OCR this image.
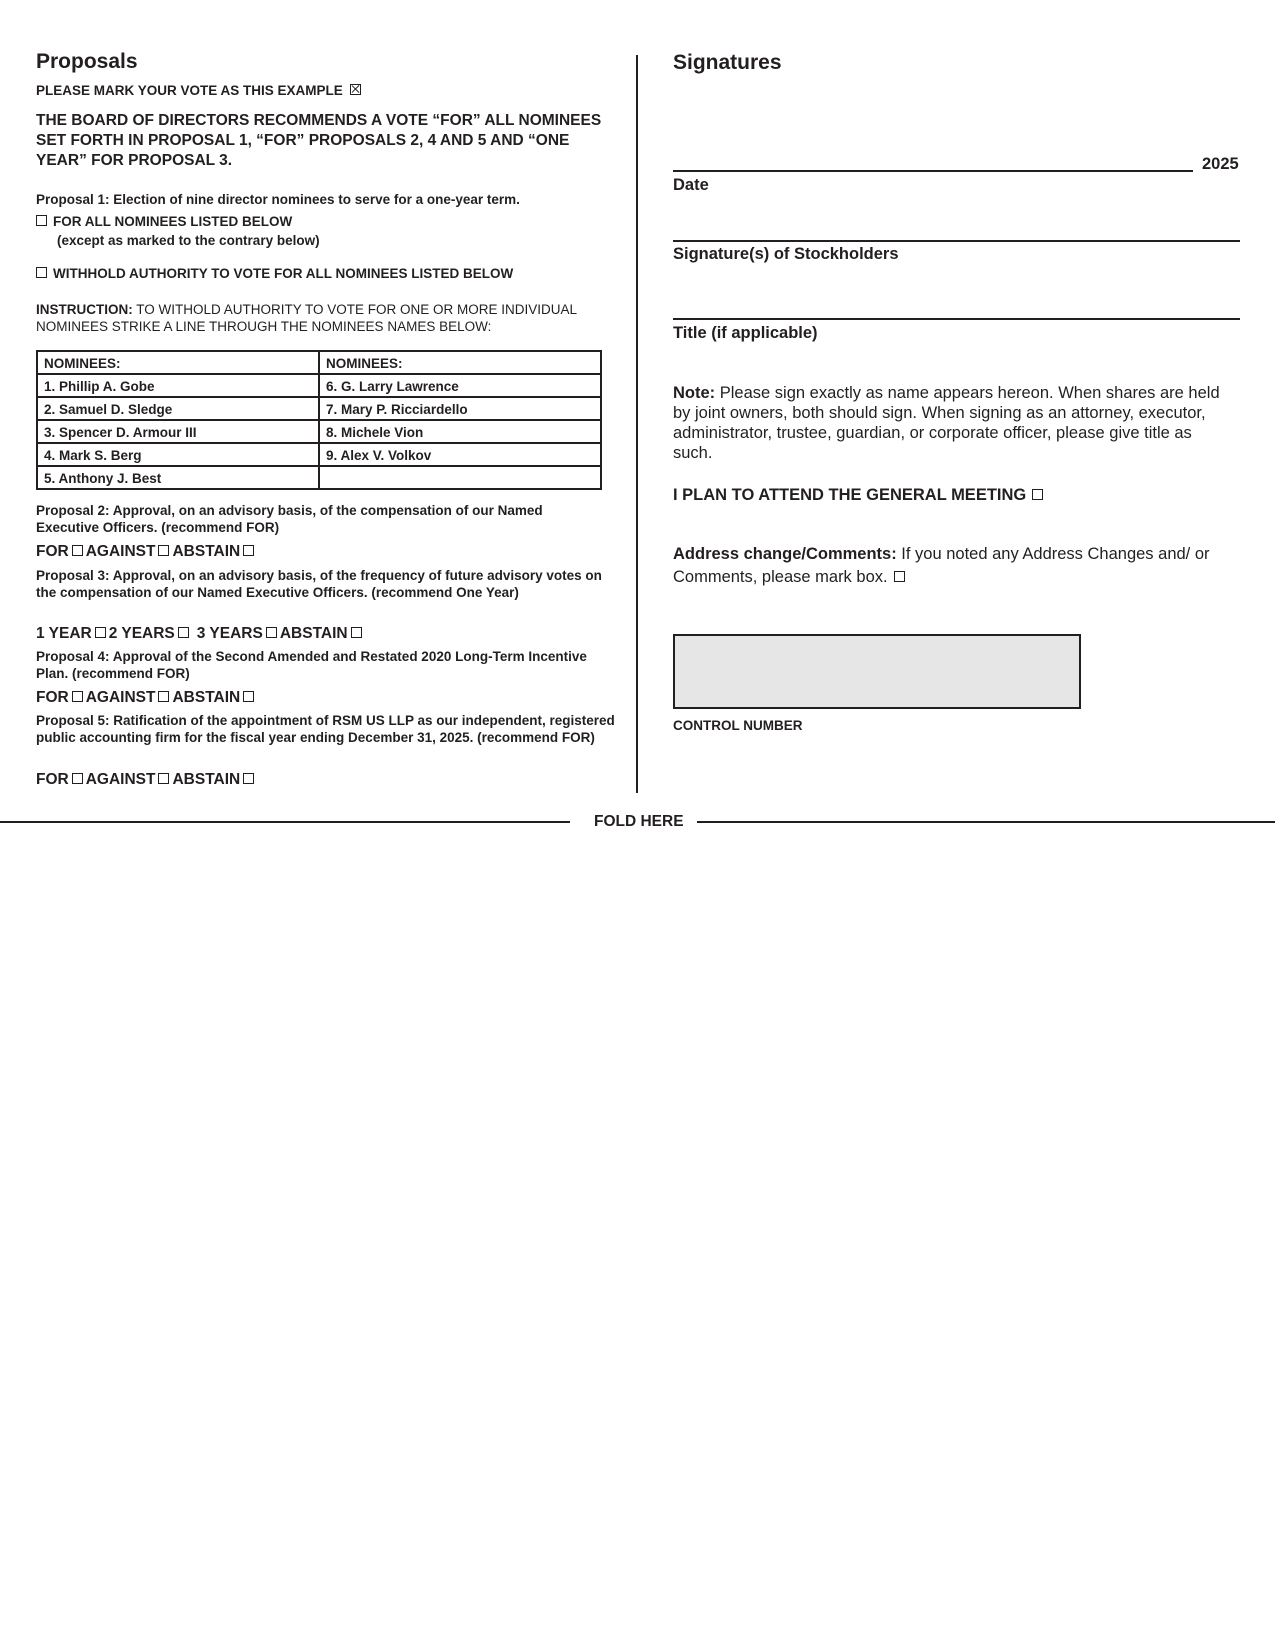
Proposals
PLEASE MARK YOUR VOTE AS THIS EXAMPLE
THE BOARD OF DIRECTORS RECOMMENDS A VOTE “FOR” ALL NOMINEES SET FORTH IN PROPOSAL 1, “FOR” PROPOSALS 2, 4 AND 5 AND “ONE YEAR” FOR PROPOSAL 3.
Proposal 1: Election of nine director nominees to serve for a one-year term.
FOR ALL NOMINEES LISTED BELOW
(except as marked to the contrary below)
WITHHOLD AUTHORITY TO VOTE FOR ALL NOMINEES LISTED BELOW
INSTRUCTION: TO WITHOLD AUTHORITY TO VOTE FOR ONE OR MORE INDIVIDUAL NOMINEES STRIKE A LINE THROUGH THE NOMINEES NAMES BELOW:
NOMINEES:	NOMINEES:
1. Phillip A. Gobe	6. G. Larry Lawrence
2. Samuel D. Sledge	7. Mary P. Ricciardello
3. Spencer D. Armour III	8. Michele Vion
4. Mark S. Berg	9. Alex V. Volkov
5. Anthony J. Best	
Proposal 2: Approval, on an advisory basis, of the compensation of our Named Executive Officers. (recommend FOR)
FOR AGAINST ABSTAIN
Proposal 3: Approval, on an advisory basis, of the frequency of future advisory votes on the compensation of our Named Executive Officers. (recommend One Year)
1 YEAR 2 YEARS 3 YEARS ABSTAIN
Proposal 4: Approval of the Second Amended and Restated 2020 Long-Term Incentive Plan. (recommend FOR)
FOR AGAINST ABSTAIN
Proposal 5: Ratification of the appointment of RSM US LLP as our independent, registered public accounting firm for the fiscal year ending December 31, 2025. (recommend FOR)
FOR AGAINST ABSTAIN
Signatures
2025
Date
Signature(s) of Stockholders
Title (if applicable)
Note: Please sign exactly as name appears hereon. When shares are held by joint owners, both should sign. When signing as an attorney, executor, administrator, trustee, guardian, or corporate officer, please give title as such.
I PLAN TO ATTEND THE GENERAL MEETING
Address change/Comments: If you noted any Address Changes and/ or Comments, please mark box.
CONTROL NUMBER
FOLD HERE
